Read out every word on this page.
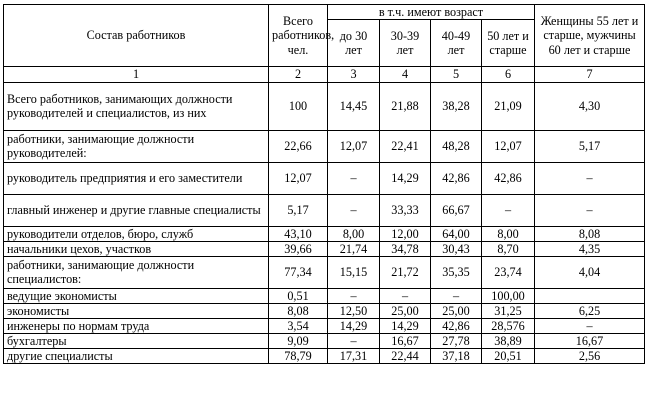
Состав работников	Всего работников, чел.	в т.ч. имеют возраст				Женщины 55 лет и старше, мужчины 60 лет и старше
		до 30 лет	30-39 лет	40-49 лет	50 лет и старше	
1	2	3	4	5	6	7
Всего работников, занимающих должности руководителей и специалистов, из них	100	14,45	21,88	38,28	21,09	4,30
работники, занимающие должности руководителей:	22,66	12,07	22,41	48,28	12,07	5,17
руководитель предприятия и его заместители	12,07	–	14,29	42,86	42,86	–
главный инженер и другие главные специалисты	5,17	–	33,33	66,67	–	–
руководители отделов, бюро, служб	43,10	8,00	12,00	64,00	8,00	8,08
начальники цехов, участков	39,66	21,74	34,78	30,43	8,70	4,35
работники, занимающие должности специалистов:	77,34	15,15	21,72	35,35	23,74	4,04
ведущие экономисты	0,51	–	–	–	100,00	
экономисты	8,08	12,50	25,00	25,00	31,25	6,25
инженеры по нормам труда	3,54	14,29	14,29	42,86	28,576	–
бухгалтеры	9,09	–	16,67	27,78	38,89	16,67
другие специалисты	78,79	17,31	22,44	37,18	20,51	2,56
